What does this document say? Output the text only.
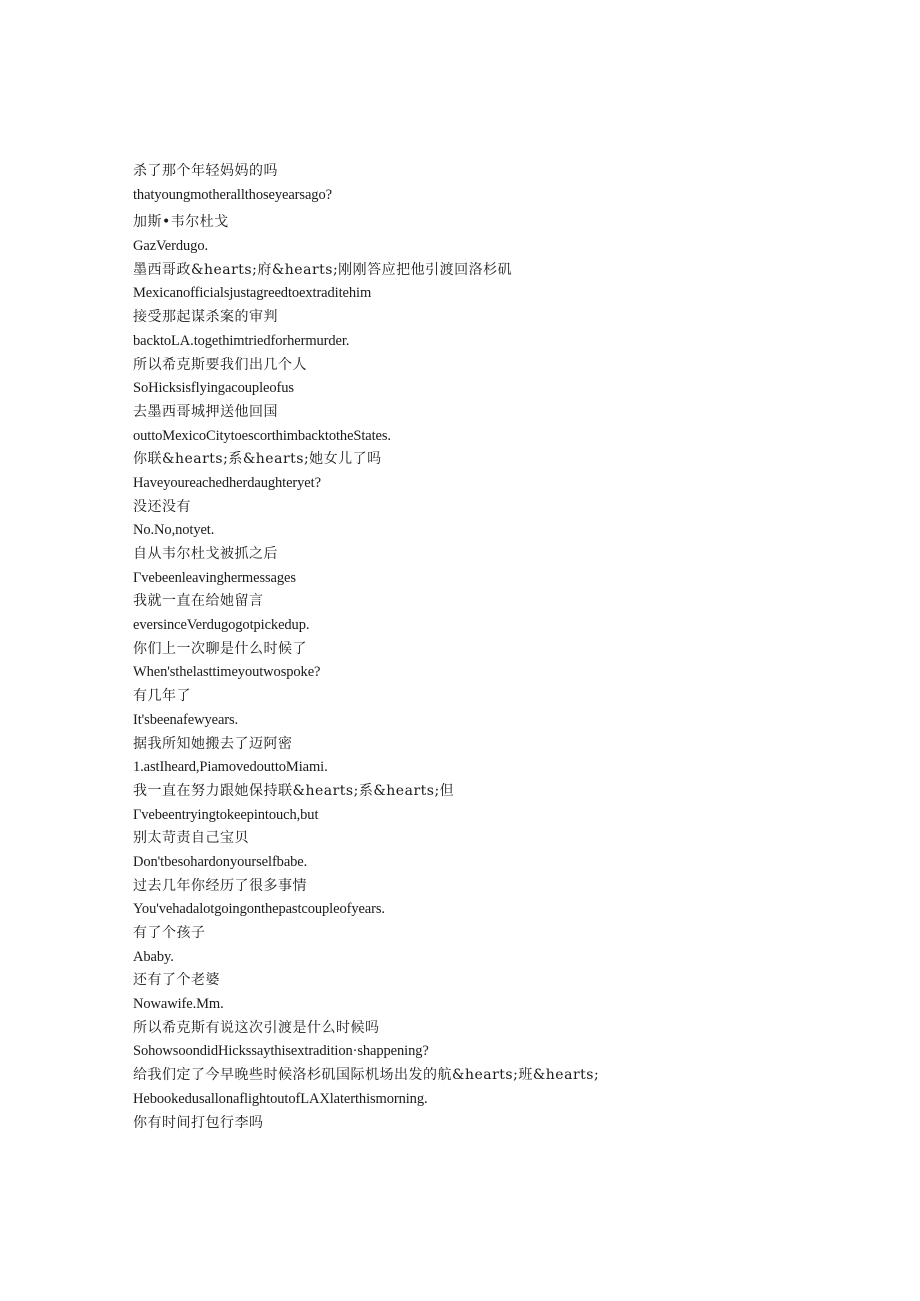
杀了那个年轻妈妈的吗
thatyoungmotherallthoseyearsago?
加斯•韦尔杜戈
GazVerdugo.
墨西哥政&hearts;府&hearts;刚刚答应把他引渡回洛杉矶
Mexicanofficialsjustagreedtoextraditehim
接受那起谋杀案的审判
backtoLA.togethimtriedforhermurder.
所以希克斯要我们出几个人
SoHicksisflyingacoupleofus
去墨西哥城押送他回国
outtoMexicoCitytoescorthimbacktotheStates.
你联&hearts;系&hearts;她女儿了吗
Haveyoureachedherdaughteryet?
没还没有
No.No,notyet.
自从韦尔杜戈被抓之后
Γvebeenleavinghermessages
我就一直在给她留言
eversinceVerdugogotpickedup.
你们上一次聊是什么时候了
When'sthelasttimeyoutwospoke?
有几年了
It'sbeenafewyears.
据我所知她搬去了迈阿密
1.astIheard,PiamovedouttoMiami.
我一直在努力跟她保持联&hearts;系&hearts;但
Γvebeentryingtokeepintouch,but
别太苛责自己宝贝
Don'tbesohardonyourselfbabe.
过去几年你经历了很多事情
You'vehadalotgoingonthepastcoupleofyears.
有了个孩子
Ababy.
还有了个老婆
Nowawife.Mm.
所以希克斯有说这次引渡是什么时候吗
SohowsoondidHickssaythisextradition·shappening?
给我们定了今早晚些时候洛杉矶国际机场出发的航&hearts;班&hearts;
HebookedusallonaflightoutofLAXlaterthismorning.
你有时间打包行李吗
